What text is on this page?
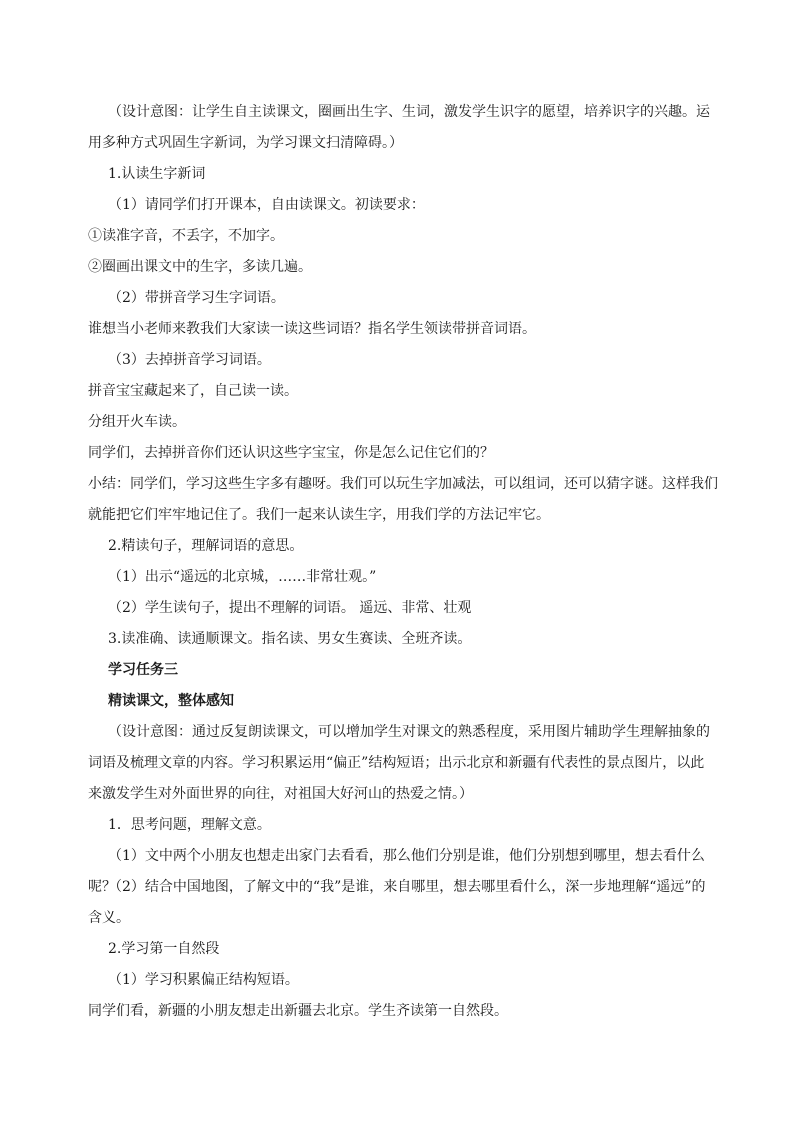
（设计意图：让学生自主读课文，圈画出生字、生词，激发学生识字的愿望，培养识字的兴趣。运用多种方式巩固生字新词，为学习课文扫清障碍。）

1.认读生字新词

（1）请同学们打开课本，自由读课文。初读要求：

①读准字音，不丢字，不加字。

②圈画出课文中的生字，多读几遍。

（2）带拼音学习生字词语。

谁想当小老师来教我们大家读一读这些词语？指名学生领读带拼音词语。

（3）去掉拼音学习词语。

拼音宝宝藏起来了，自己读一读。

分组开火车读。

同学们，去掉拼音你们还认识这些字宝宝，你是怎么记住它们的？

小结：同学们，学习这些生字多有趣呀。我们可以玩生字加减法，可以组词，还可以猜字谜。这样我们就能把它们牢牢地记住了。我们一起来认读生字，用我们学的方法记牢它。

2.精读句子，理解词语的意思。

（1）出示“遥远的北京城，……非常壮观。”

（2）学生读句子，提出不理解的词语。 遥远、非常、壮观

3.读准确、读通顺课文。指名读、男女生赛读、全班齐读。

学习任务三

精读课文，整体感知

（设计意图：通过反复朗读课文，可以增加学生对课文的熟悉程度，采用图片辅助学生理解抽象的词语及梳理文章的内容。学习积累运用“偏正”结构短语；出示北京和新疆有代表性的景点图片，以此来激发学生对外面世界的向往，对祖国大好河山的热爱之情。）

1．思考问题，理解文意。

（1）文中两个小朋友也想走出家门去看看，那么他们分别是谁，他们分别想到哪里，想去看什么呢？

（2）结合中国地图，了解文中的“我”是谁，来自哪里，想去哪里看什么，深一步地理解“遥远”的含义。

2.学习第一自然段

（1）学习积累偏正结构短语。

同学们看，新疆的小朋友想走出新疆去北京。学生齐读第一自然段。
